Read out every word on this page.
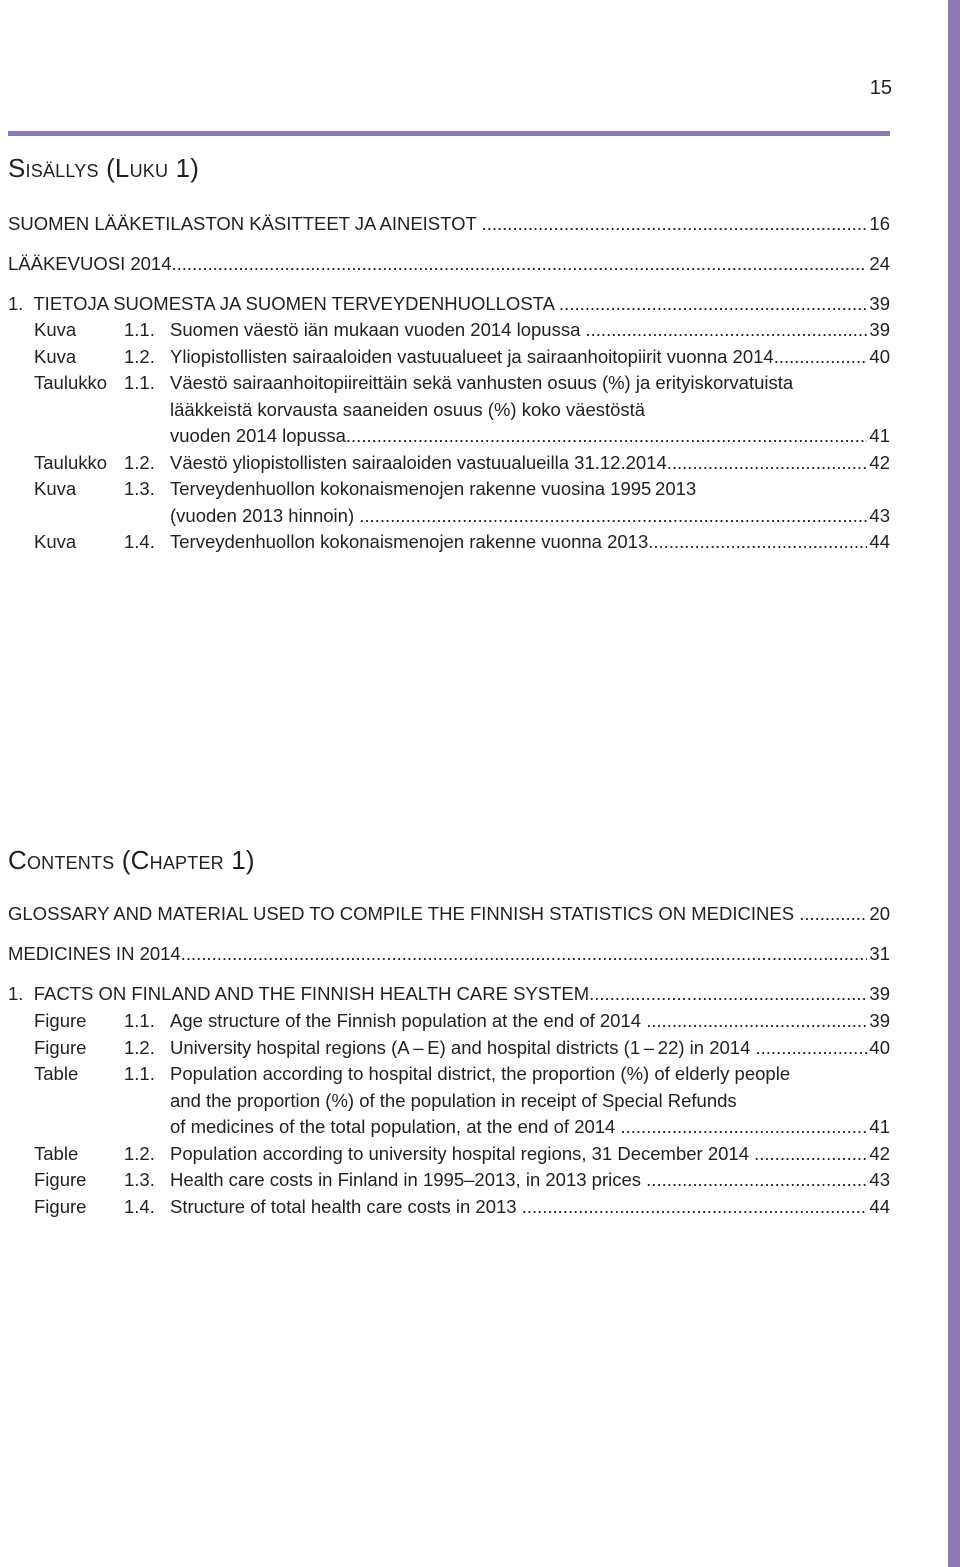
15
Sisällys (Luku 1)
SUOMEN LÄÄKETILASTON KÄSITTEET JA AINEISTOT .....	16
LÄÄKEVUOSI 2014 .....	24
1.  TIETOJA SUOMESTA JA SUOMEN TERVEYDENHUOLLOSTA .....	39
Kuva	1.1. Suomen väestö iän mukaan vuoden 2014 lopussa .....	39
Kuva	1.2. Yliopistollisten sairaaloiden vastuualueet ja sairaanhoitopiirit vuonna 2014 .....	40
Taulukko 1.1. Väestö sairaanhoitopiireittäin sekä vanhusten osuus (%) ja erityiskorvatuista
lääkkeistä korvausta saaneiden osuus (%) koko väestöstä
vuoden 2014 lopussa .....	41
Taulukko 1.2. Väestö yliopistollisten sairaaloiden vastuualueilla 31.12.2014 .....	42
Kuva	1.3. Terveydenhuollon kokonaismenojen rakenne vuosina 1995 2013
(vuoden 2013 hinnoin) .....	43
Kuva	1.4. Terveydenhuollon kokonaismenojen rakenne vuonna 2013 .....	44
Contents (Chapter 1)
GLOSSARY AND MATERIAL USED TO COMPILE THE FINNISH STATISTICS ON MEDICINES .....	20
MEDICINES IN 2014 .....	31
1.  FACTS ON FINLAND AND THE FINNISH HEALTH CARE SYSTEM .....	39
Figure 1.1. Age structure of the Finnish population at the end of 2014 .....	39
Figure 1.2. University hospital regions (A – E) and hospital districts (1 – 22) in 2014 .....	40
Table 1.1. Population according to hospital district, the proportion (%) of elderly people
and the proportion (%) of the population in receipt of Special Refunds
of medicines of the total population, at the end of 2014 .....	41
Table 1.2. Population according to university hospital regions, 31 December 2014 .....	42
Figure 1.3. Health care costs in Finland in 1995–2013, in 2013 prices .....	43
Figure 1.4. Structure of total health care costs in 2013 .....	44
